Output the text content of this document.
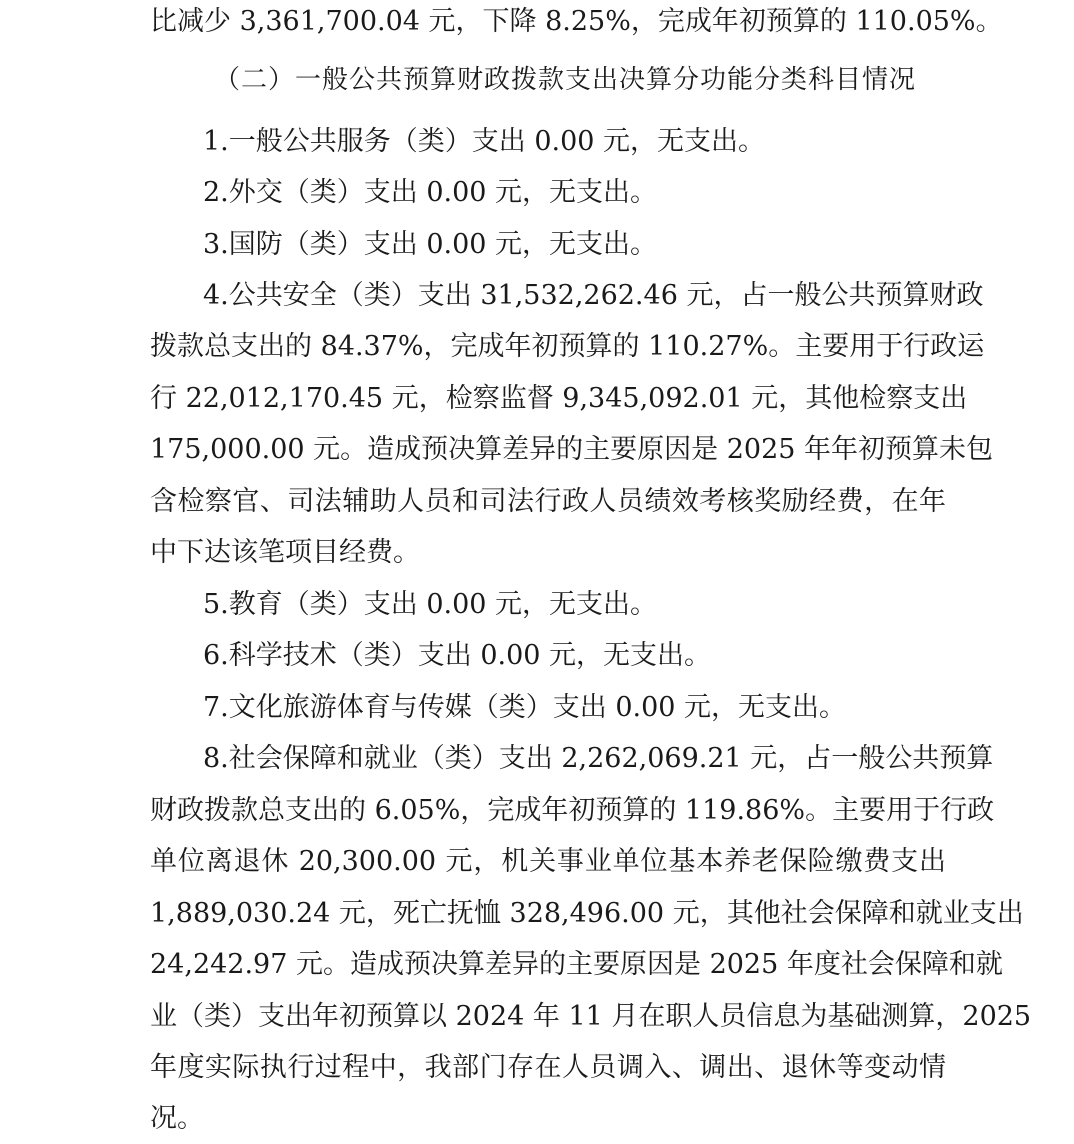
比减少 3,361,700.04 元，下降 8.25%，完成年初预算的 110.05%。
（二）一般公共预算财政拨款支出决算分功能分类科目情况
1.一般公共服务（类）支出 0.00 元，无支出。
2.外交（类）支出 0.00 元，无支出。
3.国防（类）支出 0.00 元，无支出。
4.公共安全（类）支出 31,532,262.46 元，占一般公共预算财政
拨款总支出的 84.37%，完成年初预算的 110.27%。主要用于行政运
行 22,012,170.45 元，检察监督 9,345,092.01 元，其他检察支出
175,000.00 元。造成预决算差异的主要原因是 2025 年年初预算未包
含检察官、司法辅助人员和司法行政人员绩效考核奖励经费，在年
中下达该笔项目经费。
5.教育（类）支出 0.00 元，无支出。
6.科学技术（类）支出 0.00 元，无支出。
7.文化旅游体育与传媒（类）支出 0.00 元，无支出。
8.社会保障和就业（类）支出 2,262,069.21 元，占一般公共预算
财政拨款总支出的 6.05%，完成年初预算的 119.86%。主要用于行政
单位离退休 20,300.00 元，机关事业单位基本养老保险缴费支出
1,889,030.24 元，死亡抚恤 328,496.00 元，其他社会保障和就业支出
24,242.97 元。造成预决算差异的主要原因是 2025 年度社会保障和就
业（类）支出年初预算以 2024 年 11 月在职人员信息为基础测算，2025
年度实际执行过程中，我部门存在人员调入、调出、退休等变动情
况。
